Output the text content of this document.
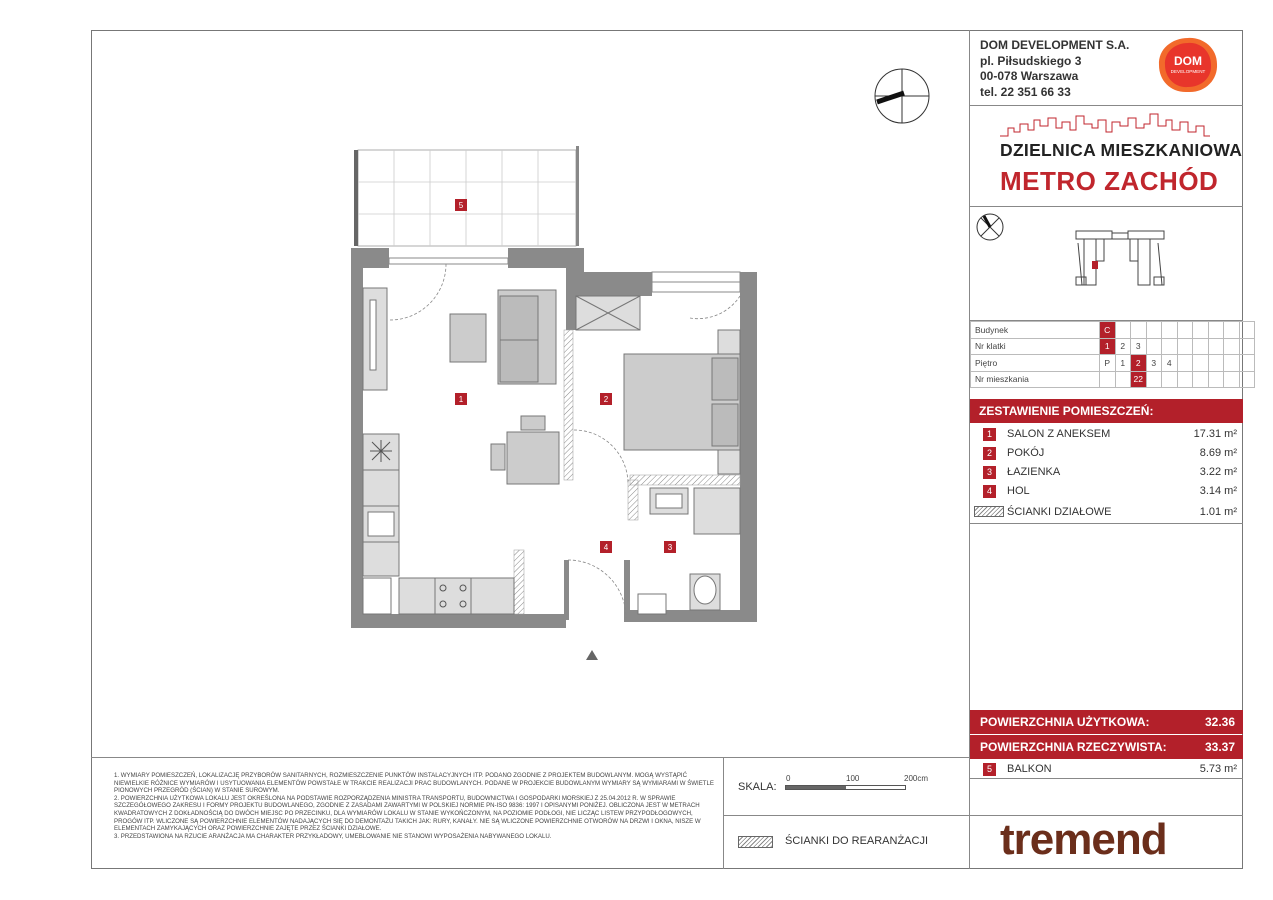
DOM DEVELOPMENT S.A.
pl. Piłsudskiego 3
00-078 Warszawa
tel. 22 351 66 33
DOM
DEVELOPMENT
DZIELNICA MIESZKANIOWA
METRO ZACHÓD
Budynek	C									
Nr klatki	1	2	3							
Piętro	P	1	2	3	4					
Nr mieszkania			22							
ZESTAWIENIE POMIESZCZEŃ:
1	SALON Z ANEKSEM	17.31 m²
2	POKÓJ	8.69 m²
3	ŁAZIENKA	3.22 m²
4	HOL	3.14 m²
ŚCIANKI DZIAŁOWE	1.01 m²
POWIERZCHNIA UŻYTKOWA:	32.36
POWIERZCHNIA RZECZYWISTA:	33.37
5	BALKON	5.73 m²
5
1	2
3
4
1. WYMIARY POMIESZCZEŃ, LOKALIZACJĘ PRZYBORÓW SANITARNYCH, ROZMIESZCZENIE PUNKTÓW INSTALACYJNYCH ITP. PODANO ZGODNIE Z PROJEKTEM BUDOWLANYM. MOGĄ WYSTĄPIĆ NIEWIELKIE RÓŻNICE WYMIARÓW I USYTUOWANIA ELEMENTÓW POWSTAŁE W TRAKCIE REALIZACJI PRAC BUDOWLANYCH. PODANE W PROJEKCIE BUDOWLANYM WYMIARY SĄ WYMIARAMI W ŚWIETLE PIONOWYCH PRZEGRÓD (ŚCIAN) W STANIE SUROWYM.
2. POWIERZCHNIA UŻYTKOWA LOKALU JEST OKREŚLONA NA PODSTAWIE ROZPORZĄDZENIA MINISTRA TRANSPORTU, BUDOWNICTWA I GOSPODARKI MORSKIEJ Z 25.04.2012 R. W SPRAWIE SZCZEGÓŁOWEGO ZAKRESU I FORMY PROJEKTU BUDOWLANEGO, ZGODNIE Z ZASADAMI ZAWARTYMI W POLSKIEJ NORMIE PN-ISO 9836: 1997 I OPISANYMI PONIŻEJ. OBLICZONA JEST W METRACH KWADRATOWYCH Z DOKŁADNOŚCIĄ DO DWÓCH MIEJSC PO PRZECINKU, DLA WYMIARÓW LOKALU W STANIE WYKOŃCZONYM, NA POZIOMIE PODŁOGI, NIE LICZĄC LISTEW PRZYPODŁOGOWYCH, PROGÓW ITP. WLICZONE SĄ POWIERZCHNIE ELEMENTÓW NADAJĄCYCH SIĘ DO DEMONTAŻU TAKICH JAK: RURY, KANAŁY. NIE SĄ WLICZONE POWIERZCHNIE OTWORÓW NA DRZWI I OKNA, NISZE W ELEMENTACH ZAMYKAJĄCYCH ORAZ POWIERZCHNIE ZAJĘTE PRZEZ ŚCIANKI DZIAŁOWE.
3. PRZEDSTAWIONA NA RZUCIE ARANŻACJA MA CHARAKTER PRZYKŁADOWY, UMEBLOWANIE NIE STANOWI WYPOSAŻENIA NABYWANEGO LOKALU.
SKALA:
0	100	200cm
ŚCIANKI DO REARANŻACJI tremend
